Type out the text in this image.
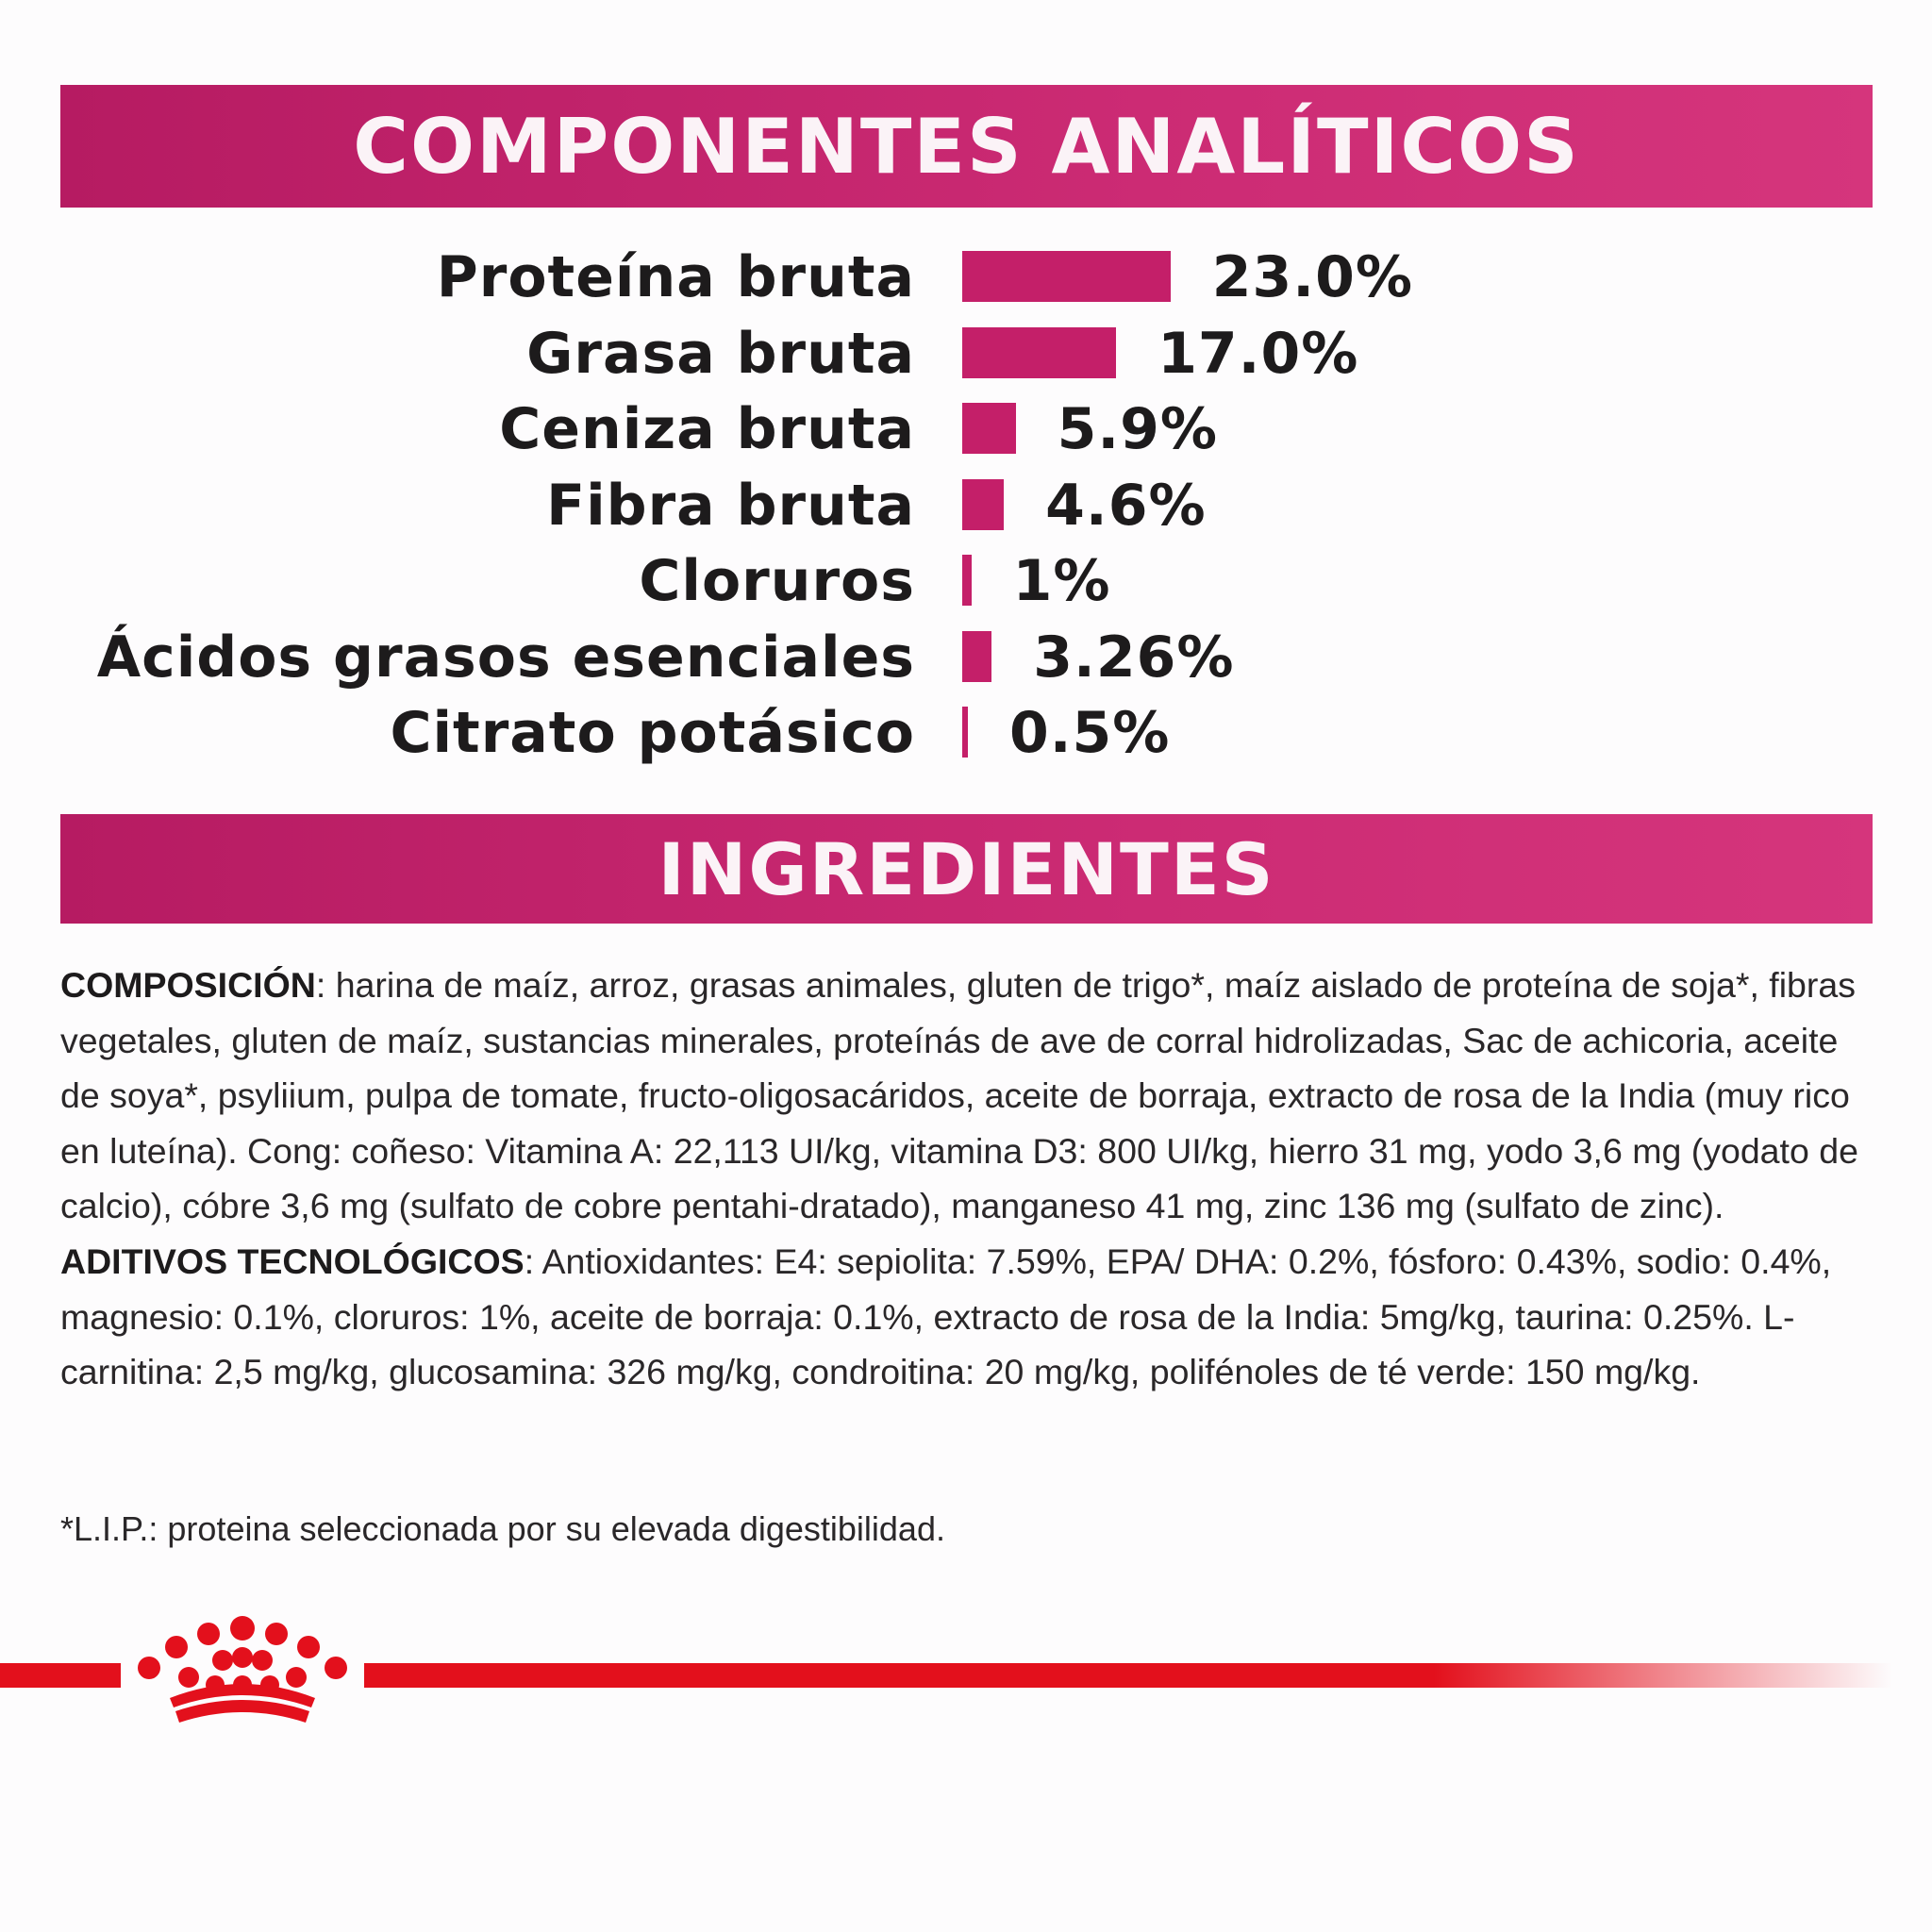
COMPONENTES ANALÍTICOS
Proteína bruta	23.0%
Grasa bruta	17.0%
Ceniza bruta	5.9%
Fibra bruta 4.6%
Cloruros 1%
Ácidos grasos esenciales 3.26%
Citrato potásico 0.5%
INGREDIENTES

COMPOSICIÓN: harina de maíz, arroz, grasas animales, gluten de trigo*, maíz aislado de proteína de soja*, fibras vegetales, gluten de maíz, sustancias minerales, proteínás de ave de corral hidrolizadas, Sac de achicoria, aceite de soya*, psyliium, pulpa de tomate, fructo-oligosacáridos, aceite de borraja, extracto de rosa de la India (muy rico en luteína). Cong: coñeso: Vitamina A: 22,113 UI/kg, vitamina D3: 800 UI/kg, hierro 31 mg, yodo 3,6 mg (yodato de calcio), cóbre 3,6 mg (sulfato de cobre pentahi-dratado), manganeso 41 mg, zinc 136 mg (sulfato de zinc).

ADITIVOS TECNOLÓGICOS: Antioxidantes: E4: sepiolita: 7.59%, EPA/ DHA: 0.2%, fósforo: 0.43%, sodio: 0.4%, magnesio: 0.1%, cloruros: 1%, aceite de borraja: 0.1%, extracto de rosa de la India: 5mg/kg, taurina: 0.25%. L-carnitina: 2,5 mg/kg, glucosamina: 326 mg/kg, condroitina: 20 mg/kg, polifénoles de té verde: 150 mg/kg.

*L.I.P.: proteina seleccionada por su elevada digestibilidad.
